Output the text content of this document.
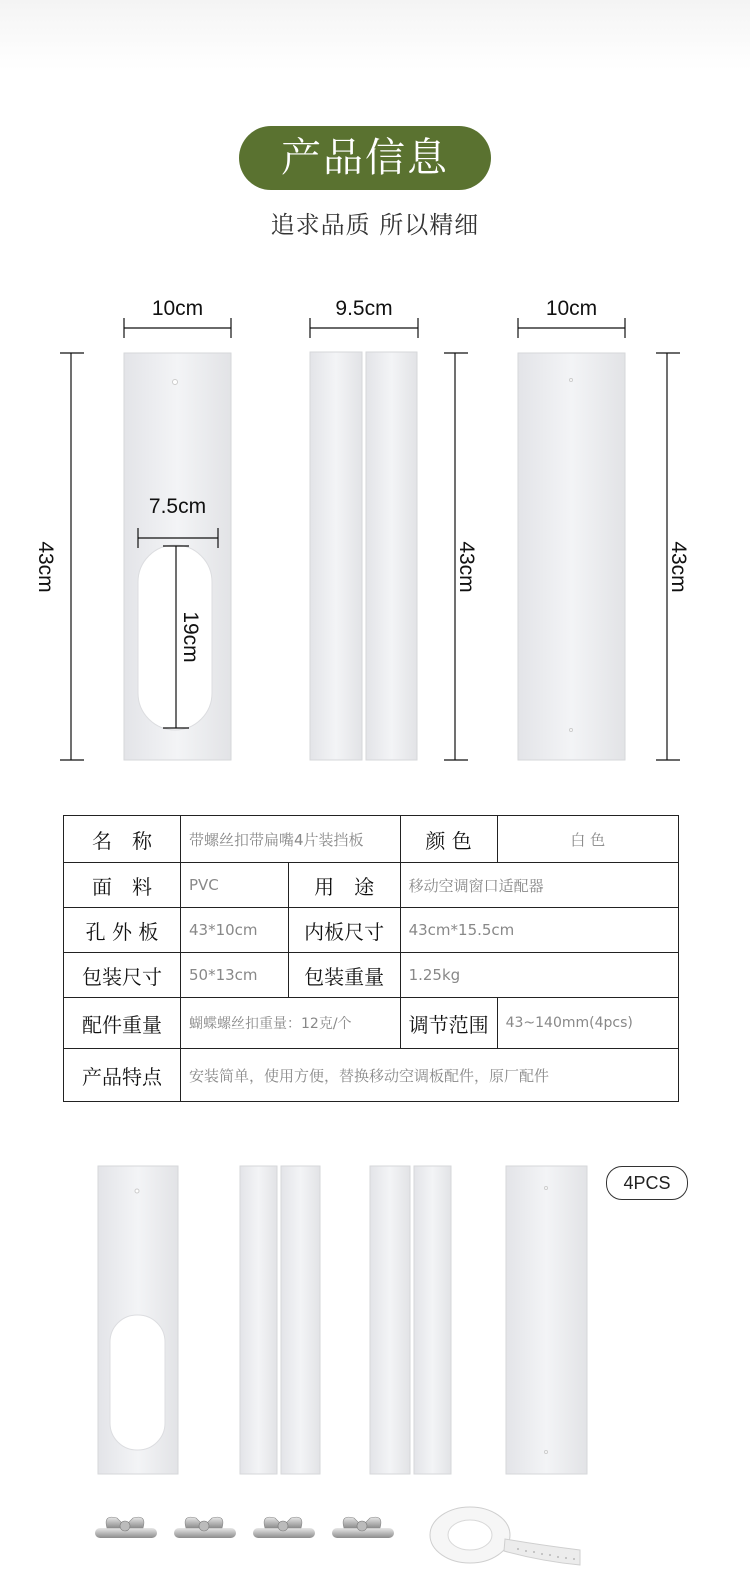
产品信息
追求品质 所以精细
10cm	9.5cm	10cm
7.5cm
43cm
19cm
43cm	43cm
名　称	带螺丝扣带扁嘴4片装挡板		颜 色	白 色
面　料	PVC	用　途	移动空调窗口适配器	
孔 外 板	43*10cm	内板尺寸	43cm*15.5cm	
包装尺寸	50*13cm	包装重量	1.25kg	
配件重量	蝴蝶螺丝扣重量：12克/个		调节范围	43~140mm(4pcs)
产品特点	安装简单，使用方便，替换移动空调板配件，原厂配件			
4PCS
